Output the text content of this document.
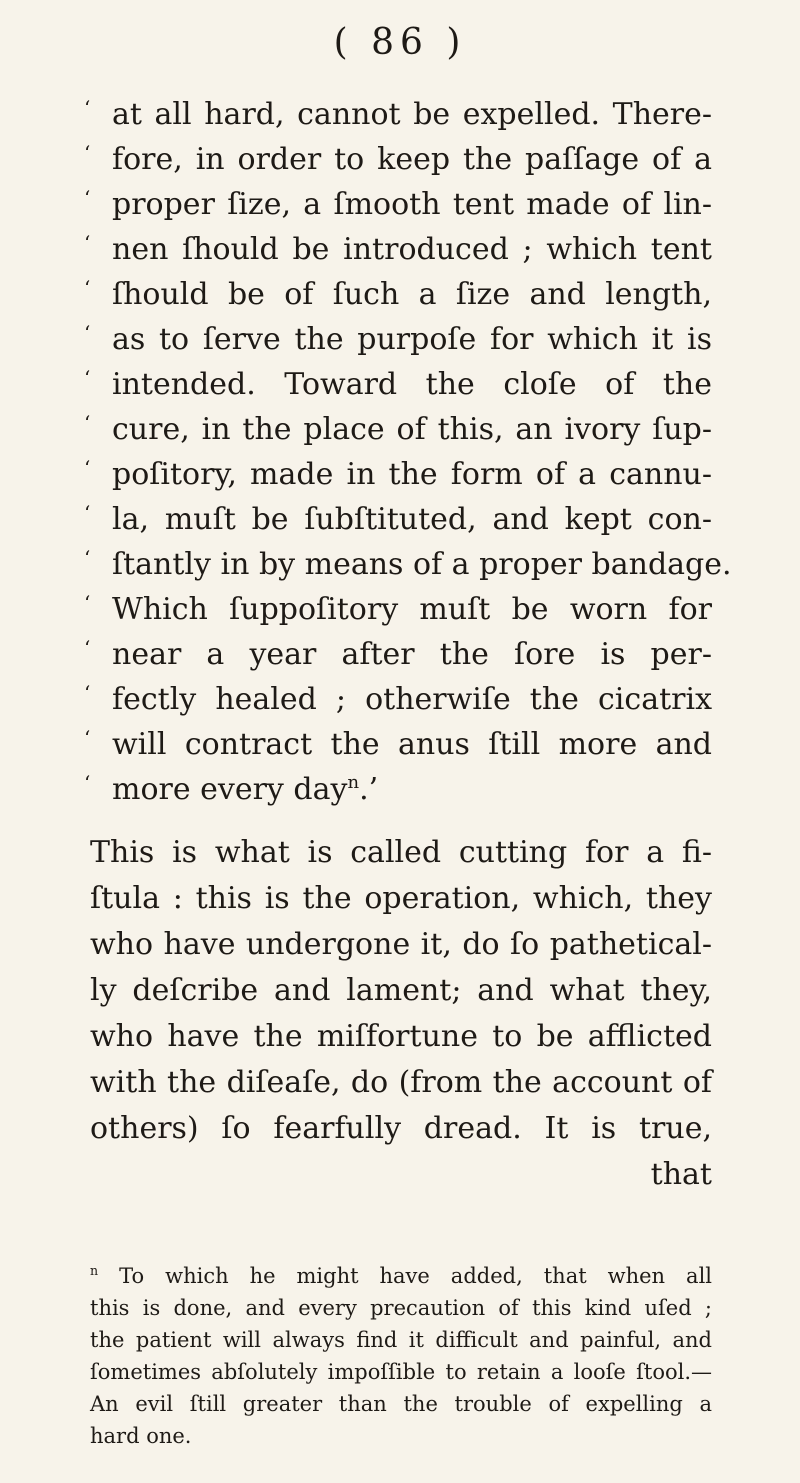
( 86 )
‘ at all hard, cannot be expelled. There-
‘ fore, in order to keep the paſſage of a
‘ proper ſize, a ſmooth tent made of lin-
‘ nen ſhould be introduced ; which tent
‘ ſhould be of ſuch a ſize and length,
‘ as to ſerve the purpoſe for which it is
‘ intended. Toward the cloſe of the
‘ cure, in the place of this, an ivory ſup-
‘ poſitory, made in the form of a cannu-
‘ la, muſt be ſubſtituted, and kept con-
‘ ſtantly in by means of a proper bandage.
‘ Which ſuppoſitory muſt be worn for
‘ near a year after the ſore is per-
‘ fectly healed ; otherwiſe the cicatrix
‘ will contract the anus ſtill more and
‘ more every day$^n$.’
This is what is called cutting for a fi-
ſtula : this is the operation, which, they
who have undergone it, do ſo pathetical-
ly deſcribe and lament; and what they,
who have the miſfortune to be afflicted
with the diſeaſe, do (from the account of
others) ſo fearfully dread. It is true,
that
$^n$ To which he might have added, that when all
this is done, and every precaution of this kind uſed ;
the patient will always find it difficult and painful, and
ſometimes abſolutely impoſſible to retain a looſe ſtool.—
An evil ſtill greater than the trouble of expelling a
hard one.
